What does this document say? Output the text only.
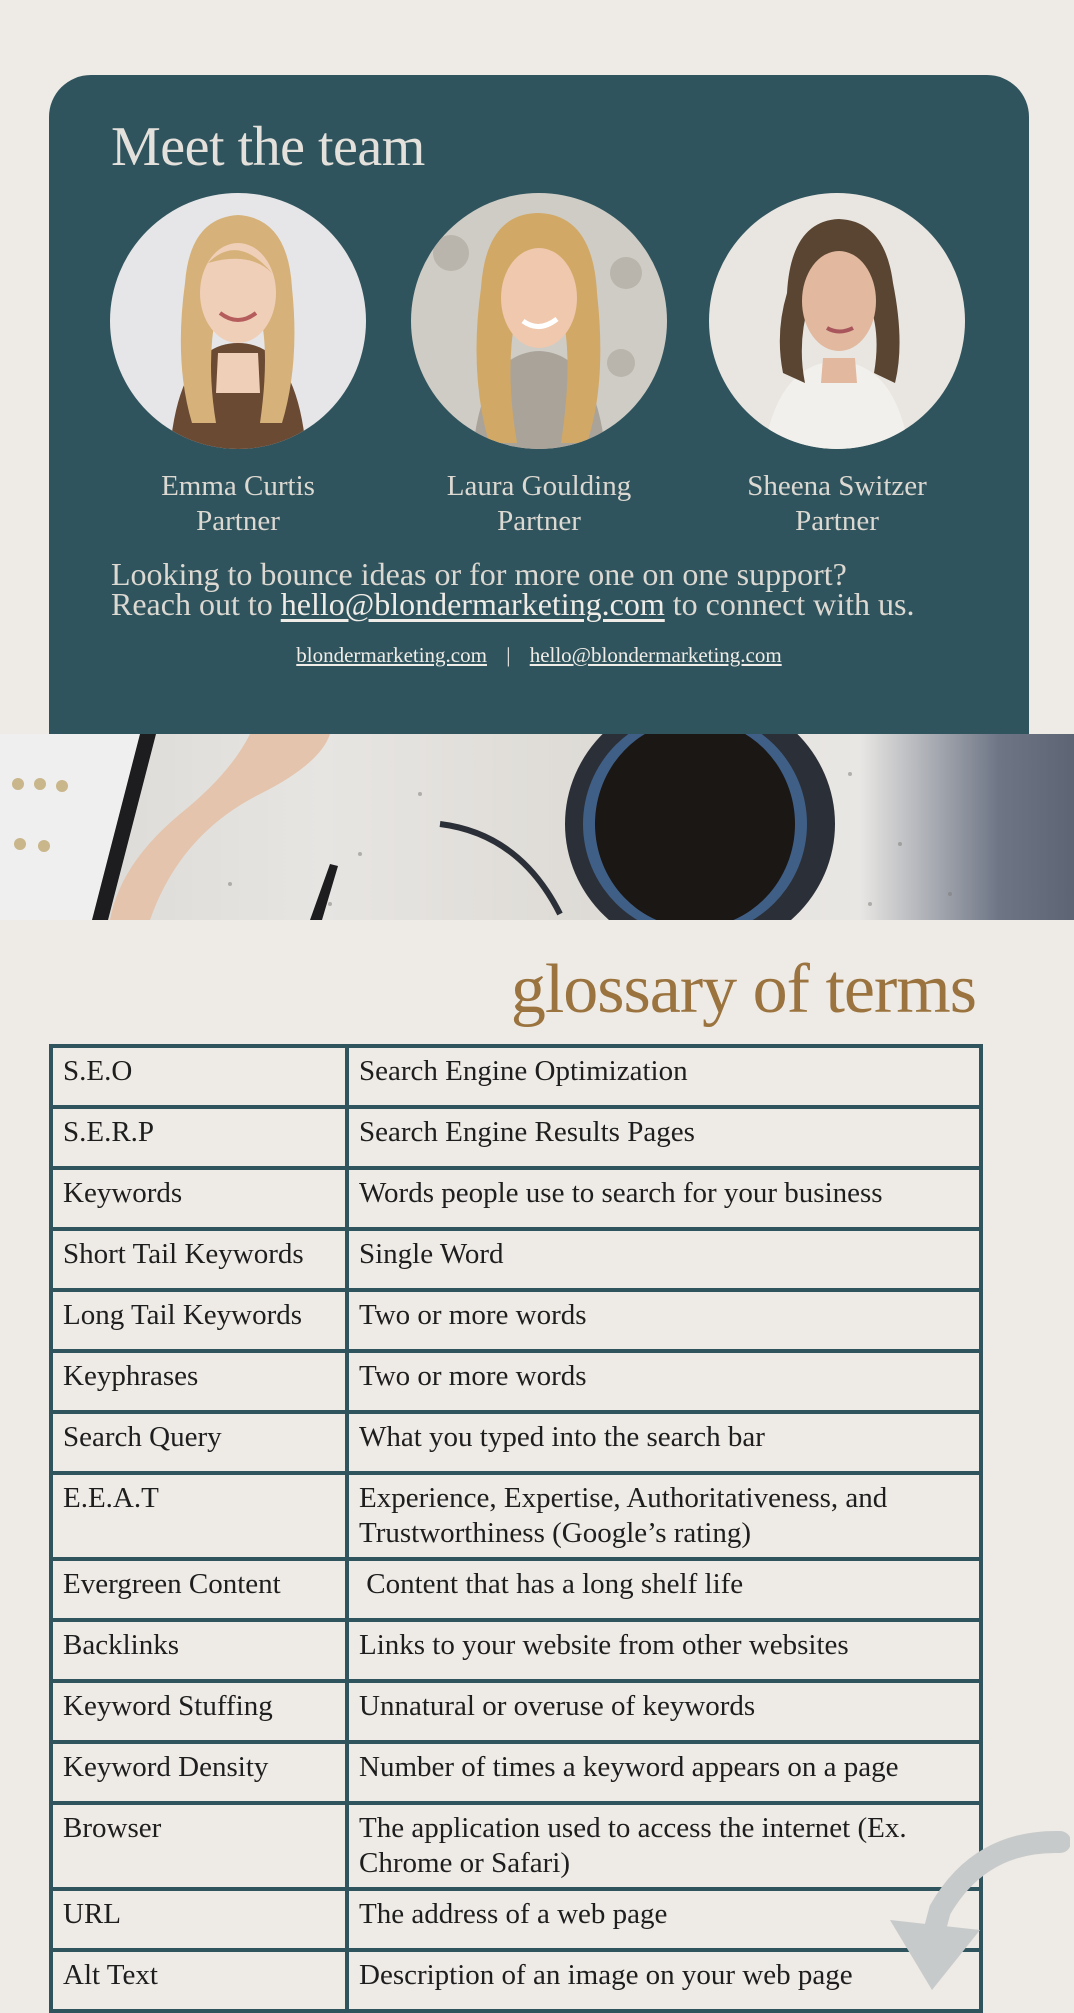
Meet the team
Emma Curtis
Partner
Laura Goulding
Partner
Sheena Switzer
Partner
Looking to bounce ideas or for more one on one support?
Reach out to hello@blondermarketing.com to connect with us.
blondermarketing.com | hello@blondermarketing.com
glossary of terms
S.E.O	Search Engine Optimization
S.E.R.P	Search Engine Results Pages
Keywords	Words people use to search for your business
Short Tail Keywords	Single Word
Long Tail Keywords	Two or more words
Keyphrases	Two or more words
Search Query	What you typed into the search bar
E.E.A.T	Experience, Expertise, Authoritativeness, and Trustworthiness (Google’s rating)
Evergreen Content	Content that has a long shelf life
Backlinks	Links to your website from other websites
Keyword Stuffing	Unnatural or overuse of keywords
Keyword Density	Number of times a keyword appears on a page
Browser	The application used to access the internet (Ex. Chrome or Safari)
URL	The address of a web page
Alt Text	Description of an image on your web page
